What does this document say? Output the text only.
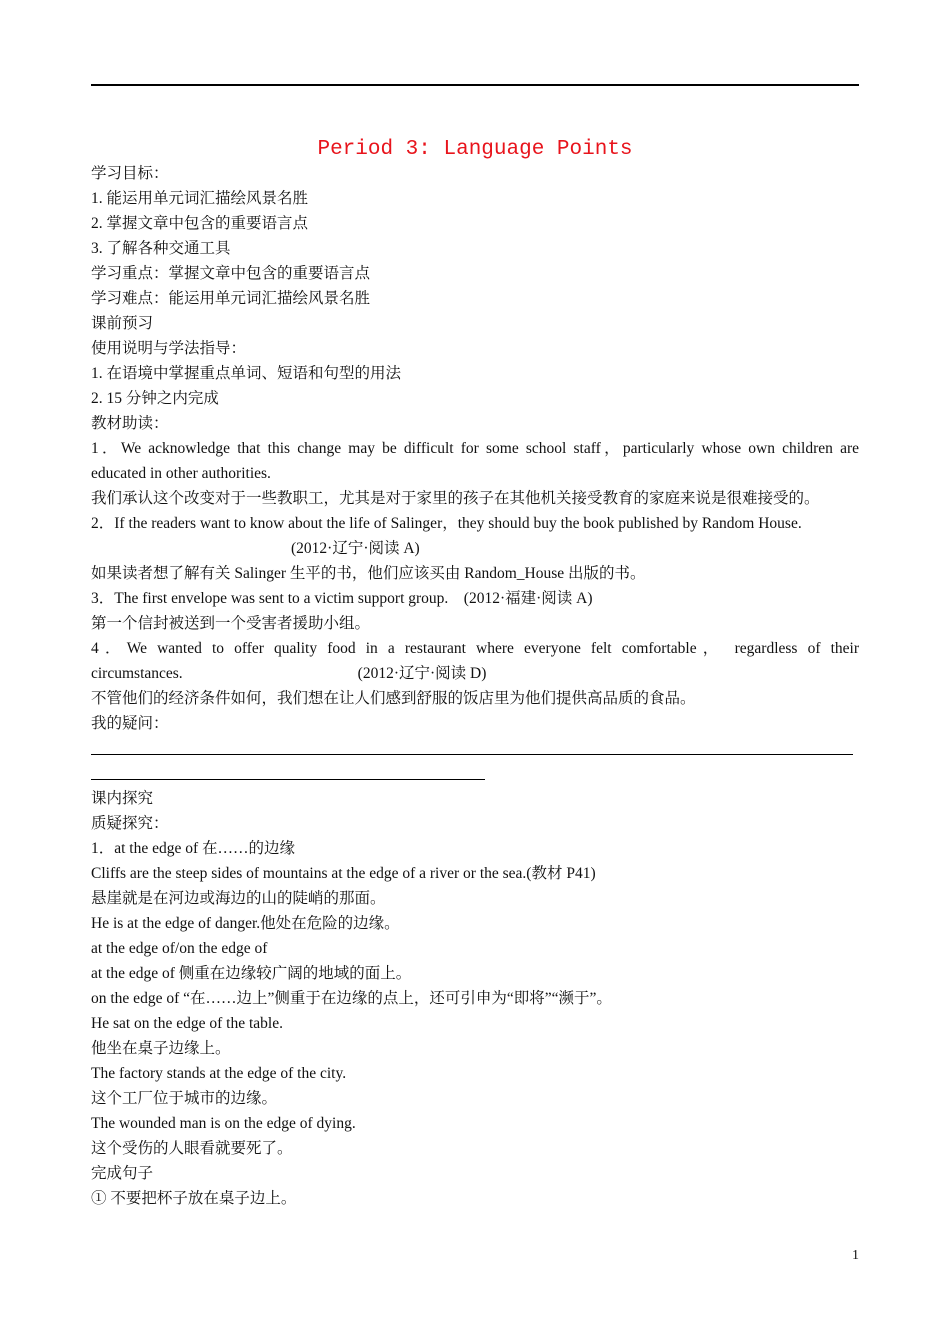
Period 3: Language Points
学习目标：
1. 能运用单元词汇描绘风景名胜
2. 掌握文章中包含的重要语言点
3. 了解各种交通工具
学习重点：掌握文章中包含的重要语言点
学习难点：能运用单元词汇描绘风景名胜
课前预习
使用说明与学法指导：
1. 在语境中掌握重点单词、短语和句型的用法
2. 15 分钟之内完成
教材助读：
1．We acknowledge that this change may be difficult for some school staff，particularly whose own children are
educated in other authorities.
我们承认这个改变对于一些教职工，尤其是对于家里的孩子在其他机关接受教育的家庭来说是很难接受的。
2．If the readers want to know about the life of Salinger，they should buy the book published by Random House.
(2012·辽宁·阅读 A)
如果读者想了解有关 Salinger 生平的书，他们应该买由 Random_House 出版的书。
3．The first envelope was sent to a victim support group.　(2012·福建·阅读 A)
第一个信封被送到一个受害者援助小组。
4．We wanted to offer quality food in a restaurant where everyone felt comfortable， regardless of their
circumstances.	(2012·辽宁·阅读 D)
不管他们的经济条件如何，我们想在让人们感到舒服的饭店里为他们提供高品质的食品。
我的疑问：
课内探究
质疑探究：
1．at the edge of 在……的边缘
Cliffs are the steep sides of mountains at the edge of a river or the sea.(教材 P41)
悬崖就是在河边或海边的山的陡峭的那面。
He is at the edge of danger.他处在危险的边缘。
at the edge of/on the edge of
at the edge of 侧重在边缘较广阔的地域的面上。
on the edge of “在……边上”侧重于在边缘的点上，还可引申为“即将”“濒于”。
He sat on the edge of the table.
他坐在桌子边缘上。
The factory stands at the edge of the city.
这个工厂位于城市的边缘。
The wounded man is on the edge of dying.
这个受伤的人眼看就要死了。
完成句子
① 不要把杯子放在桌子边上。
1
